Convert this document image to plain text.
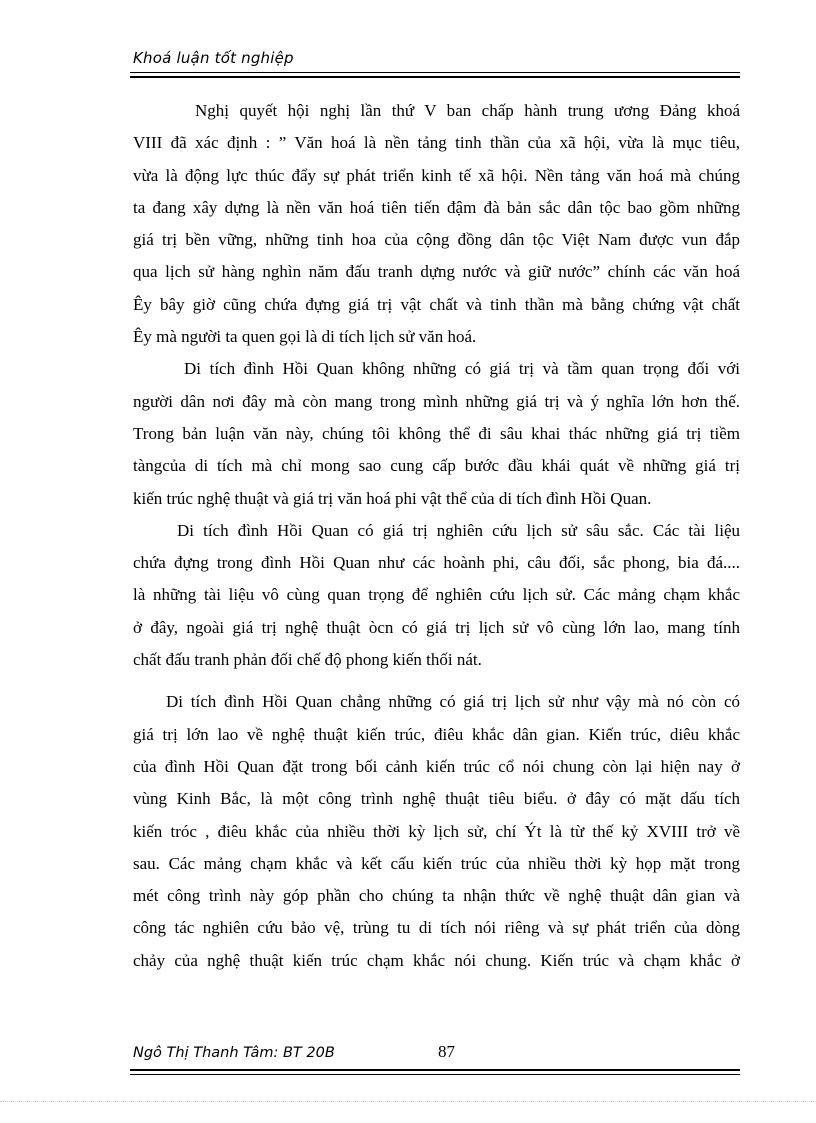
Khoá luận tốt nghiệp
Nghị quyết hội nghị lần thứ V ban chấp hành trung ương Đảng khoá
VIII đã xác định : ” Văn hoá là nền tảng tinh thần của xã hội, vừa là mục tiêu,
vừa là động lực thúc đẩy sự phát triển kinh tế xã hội. Nền tảng văn hoá mà chúng
ta đang xây dựng là nền văn hoá tiên tiến đậm đà bản sắc dân tộc bao gồm những
giá trị bền vững, những tinh hoa của cộng đồng dân tộc Việt Nam được vun đắp
qua lịch sử hàng nghìn năm đấu tranh dựng nước và giữ nước” chính các văn hoá
Êy bây giờ cũng chứa đựng giá trị vật chất và tinh thần mà bằng chứng vật chất
Êy mà người ta quen gọi là di tích lịch sử văn hoá.
Di tích đình Hồi Quan không những có giá trị và tầm quan trọng đối với
người dân nơi đây mà còn mang trong mình những giá trị và ý nghĩa lớn hơn thế.
Trong bản luận văn này, chúng tôi không thể đi sâu khai thác những giá trị tiềm
tàngcủa di tích mà chỉ mong sao cung cấp bước đầu khái quát về những giá trị
kiến trúc nghệ thuật và giá trị văn hoá phi vật thể của di tích đình Hồi Quan.
Di tích đình Hồi Quan có giá trị nghiên cứu lịch sử sâu sắc. Các tài liệu
chứa đựng trong đình Hồi Quan như các hoành phi, câu đối, sắc phong, bia đá....
là những tài liệu vô cùng quan trọng để nghiên cứu lịch sử. Các mảng chạm khắc
ở đây, ngoài giá trị nghệ thuật òcn có giá trị lịch sử vô cùng lớn lao, mang tính
chất đấu tranh phản đối chế độ phong kiến thối nát.
Di tích đình Hồi Quan chẳng những có giá trị lịch sử như vậy mà nó còn có
giá trị lớn lao về nghệ thuật kiến trúc, điêu khắc dân gian. Kiến trúc, diêu khắc
của đình Hồi Quan đặt trong bối cảnh kiến trúc cổ nói chung còn lại hiện nay ở
vùng Kinh Bắc, là một công trình nghệ thuật tiêu biểu. ở đây có mặt dấu tích
kiến tróc , điêu khắc của nhiều thời kỳ lịch sử, chí Ýt là từ thế kỷ XVIII trở về
sau. Các mảng chạm khắc và kết cấu kiến trúc của nhiều thời kỳ họp mặt trong
mét công trình này góp phần cho chúng ta nhận thức về nghệ thuật dân gian và
công tác nghiên cứu bảo vệ, trùng tu di tích nói riêng và sự phát triển của dòng
chảy của nghệ thuật kiến trúc chạm khắc nói chung. Kiến trúc và chạm khắc ở
Ngô Thị Thanh Tâm: BT 20B	87
